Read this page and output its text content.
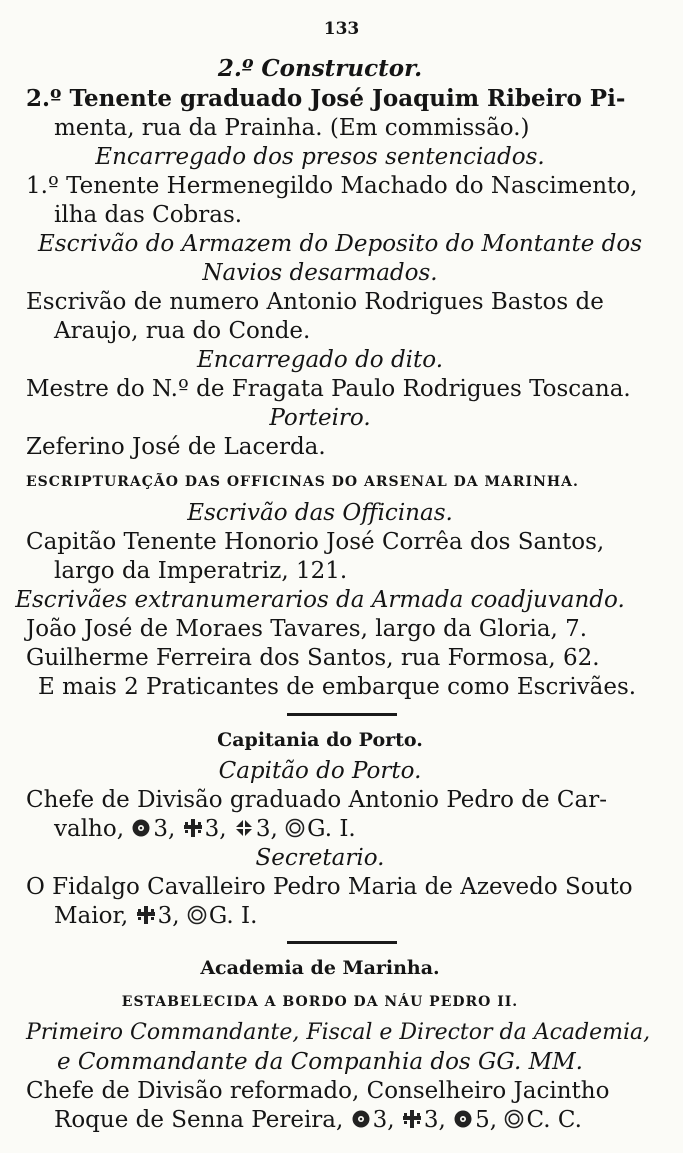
133
2.º Constructor.
2.º Tenente graduado José Joaquim Ribeiro Pi-
menta, rua da Prainha. (Em commissão.)
Encarregado dos presos sentenciados.
1.º Tenente Hermenegildo Machado do Nascimento,
ilha das Cobras.
Escrivão do Armazem do Deposito do Montante dos
Navios desarmados.
Escrivão de numero Antonio Rodrigues Bastos de
Araujo, rua do Conde.
Encarregado do dito.
Mestre do N.º de Fragata Paulo Rodrigues Toscana.
Porteiro.
Zeferino José de Lacerda.
ESCRIPTURAÇÃO DAS OFFICINAS DO ARSENAL DA MARINHA.
Escrivão das Officinas.
Capitão Tenente Honorio José Corrêa dos Santos,
largo da Imperatriz, 121.
Escrivães extranumerarios da Armada coadjuvando.
João José de Moraes Tavares, largo da Gloria, 7.
Guilherme Ferreira dos Santos, rua Formosa, 62.
E mais 2 Praticantes de embarque como Escrivães.
Capitania do Porto.
Capitão do Porto.
Chefe de Divisão graduado Antonio Pedro de Car-
valho, 3, 3, 3, G. I.
Secretario.
O Fidalgo Cavalleiro Pedro Maria de Azevedo Souto
Maior, 3, G. I.
Academia de Marinha.
ESTABELECIDA A BORDO DA NÁU PEDRO II.
Primeiro Commandante, Fiscal e Director da Academia,
e Commandante da Companhia dos GG. MM.
Chefe de Divisão reformado, Conselheiro Jacintho
Roque de Senna Pereira, 3, 3, 5, C. C.
